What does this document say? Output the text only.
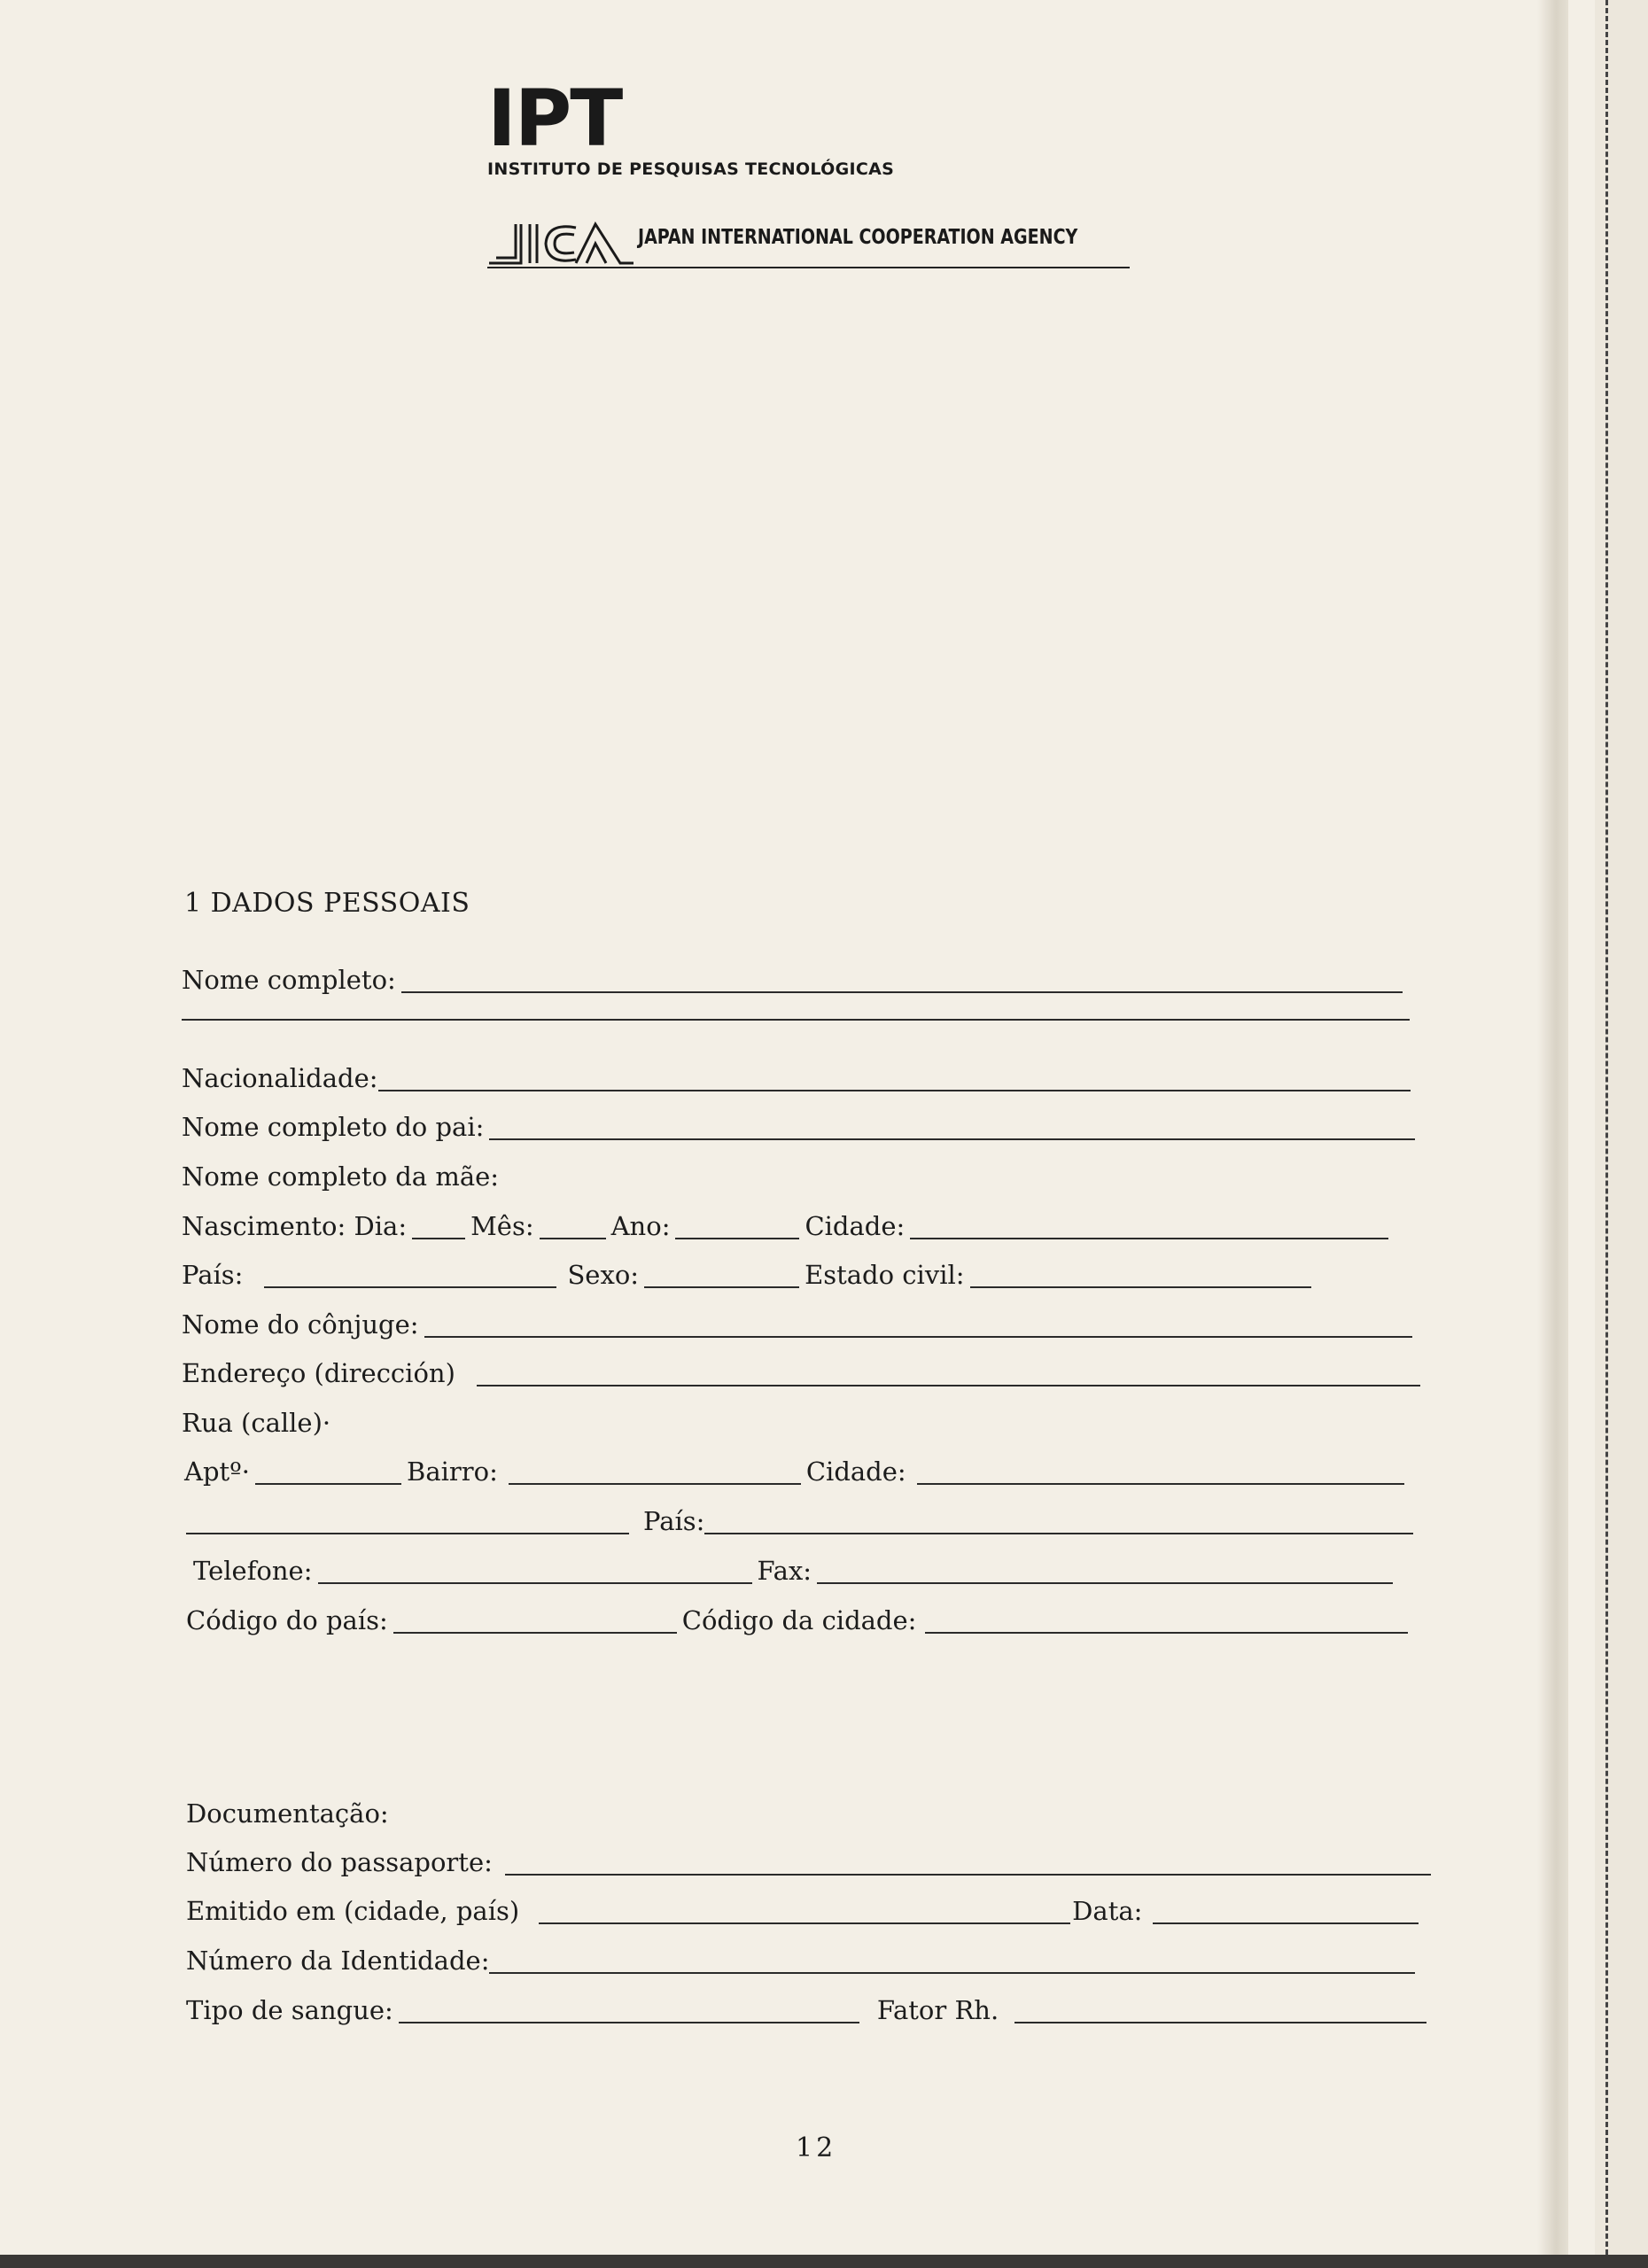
IPT
INSTITUTO DE PESQUISAS TECNOLÓGICAS
JAPAN INTERNATIONAL COOPERATION AGENCY
1 DADOS PESSOAIS
Nome completo:
Nacionalidade:
Nome completo do pai:
Nome completo da mãe:
Nascimento: Dia: Mês:	Ano:	Cidade:
País:	Sexo:	Estado civil:
Nome do cônjuge:
Endereço (dirección)
Rua (calle)·
Aptº·	Bairro:	Cidade:
País:
Telefone:	Fax:
Código do país:	Código da cidade:
Documentação:
Número do passaporte:
Emitido em (cidade, país)	Data:
Número da Identidade:
Tipo de sangue:	Fator Rh.
12
